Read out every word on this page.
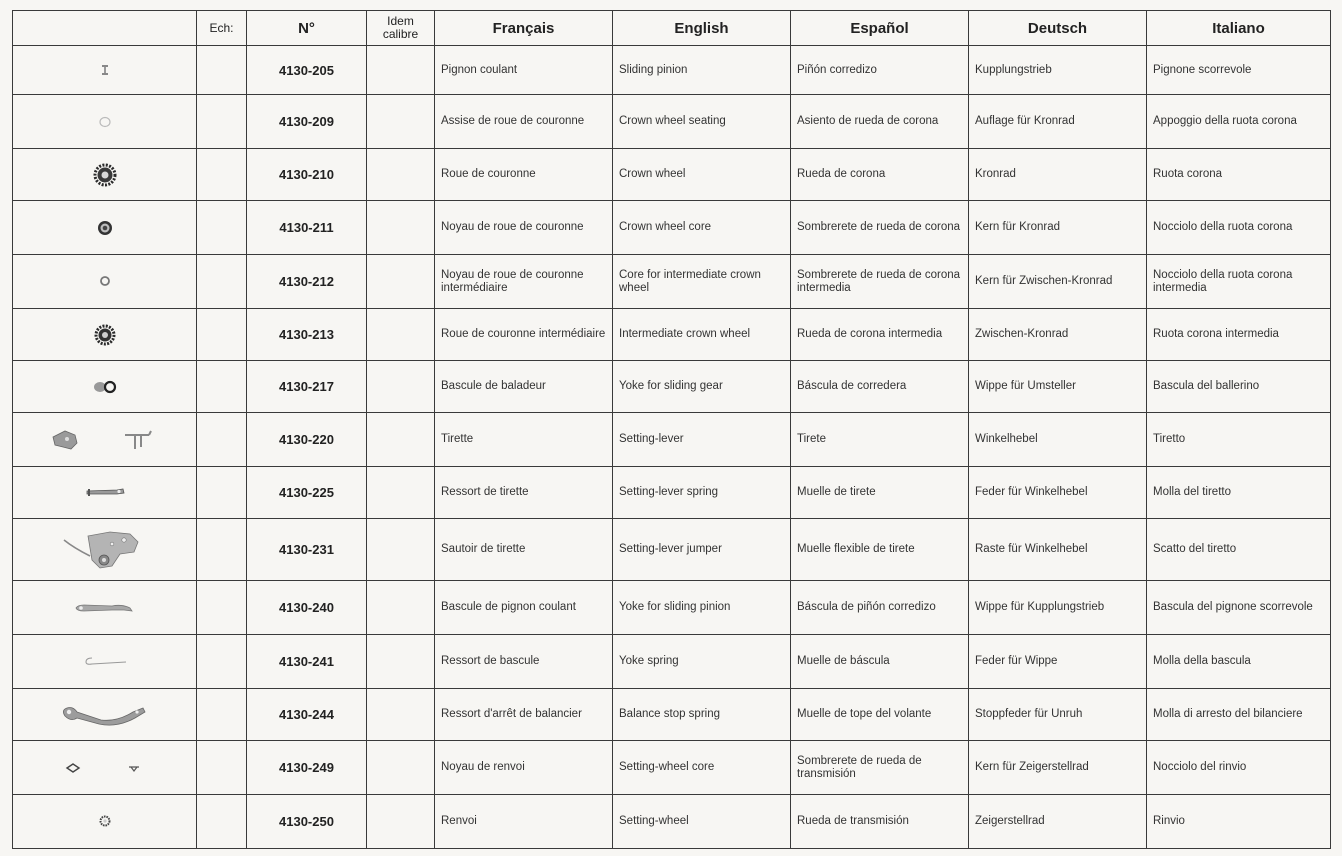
	Ech:	N°	Idem calibre	Français	English	Español	Deutsch	Italiano
		4130-205		Pignon coulant	Sliding pinion	Piñón corredizo	Kupplungstrieb	Pignone scorrevole
		4130-209		Assise de roue de couronne	Crown wheel seating	Asiento de rueda de corona	Auflage für Kronrad	Appoggio della ruota corona
		4130-210		Roue de couronne	Crown wheel	Rueda de corona	Kronrad	Ruota corona
		4130-211		Noyau de roue de couronne	Crown wheel core	Sombrerete de rueda de corona	Kern für Kronrad	Nocciolo della ruota corona
		4130-212		Noyau de roue de couronne intermédiaire	Core for intermediate crown wheel	Sombrerete de rueda de corona intermedia	Kern für Zwischen-Kronrad	Nocciolo della ruota corona intermedia
		4130-213		Roue de couronne intermédiaire	Intermediate crown wheel	Rueda de corona intermedia	Zwischen-Kronrad	Ruota corona intermedia
		4130-217		Bascule de baladeur	Yoke for sliding gear	Báscula de corredera	Wippe für Umsteller	Bascula del ballerino
		4130-220		Tirette	Setting-lever	Tirete	Winkelhebel	Tiretto
		4130-225		Ressort de tirette	Setting-lever spring	Muelle de tirete	Feder für Winkelhebel	Molla del tiretto
		4130-231		Sautoir de tirette	Setting-lever jumper	Muelle flexible de tirete	Raste für Winkelhebel	Scatto del tiretto
		4130-240		Bascule de pignon coulant	Yoke for sliding pinion	Báscula de piñón corredizo	Wippe für Kupplungstrieb	Bascula del pignone scorrevole
		4130-241		Ressort de bascule	Yoke spring	Muelle de báscula	Feder für Wippe	Molla della bascula
		4130-244		Ressort d'arrêt de balancier	Balance stop spring	Muelle de tope del volante	Stoppfeder für Unruh	Molla di arresto del bilanciere
		4130-249		Noyau de renvoi	Setting-wheel core	Sombrerete de rueda de transmisión	Kern für Zeigerstellrad	Nocciolo del rinvio
		4130-250		Renvoi	Setting-wheel	Rueda de transmisión	Zeigerstellrad	Rinvio
